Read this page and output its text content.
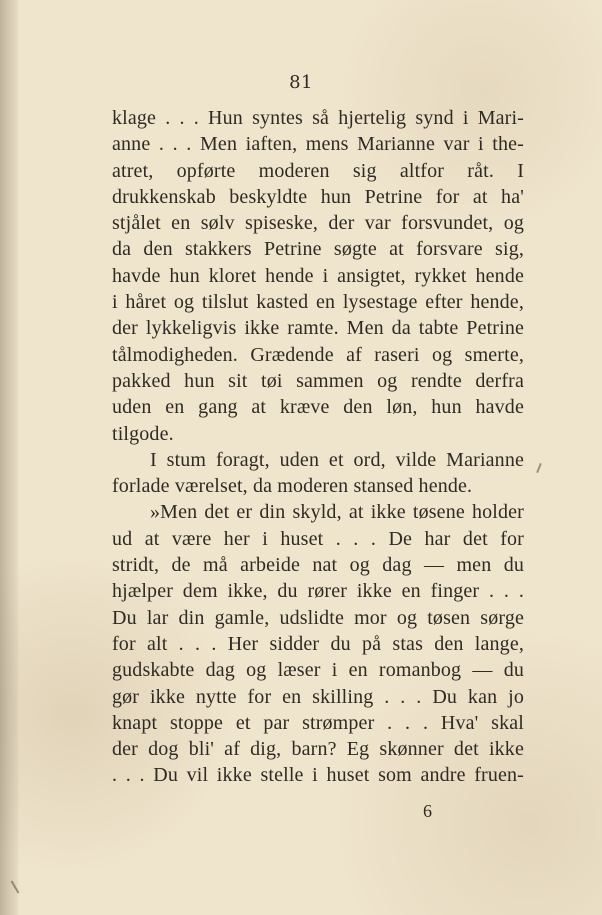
81
klage . . . Hun syntes så hjertelig synd i Mari-
anne . . . Men iaften, mens Marianne var i the-
atret, opførte moderen sig altfor råt. I
drukkenskab beskyldte hun Petrine for at ha'
stjålet en sølv spiseske, der var forsvundet, og
da den stakkers Petrine søgte at forsvare sig,
havde hun kloret hende i ansigtet, rykket hende
i håret og tilslut kasted en lysestage efter hende,
der lykkeligvis ikke ramte. Men da tabte Petrine
tålmodigheden. Grædende af raseri og smerte,
pakked hun sit tøi sammen og rendte derfra
uden en gang at kræve den løn, hun havde
tilgode.
I stum foragt, uden et ord, vilde Marianne
forlade værelset, da moderen stansed hende.
»Men det er din skyld, at ikke tøsene holder
ud at være her i huset . . . De har det for
stridt, de må arbeide nat og dag — men du
hjælper dem ikke, du rører ikke en finger . . .
Du lar din gamle, udslidte mor og tøsen sørge
for alt . . . Her sidder du på stas den lange,
gudskabte dag og læser i en romanbog — du
gør ikke nytte for en skilling . . . Du kan jo
knapt stoppe et par strømper . . . Hva' skal
der dog bli' af dig, barn? Eg skønner det ikke
. . . Du vil ikke stelle i huset som andre fruen-
6
